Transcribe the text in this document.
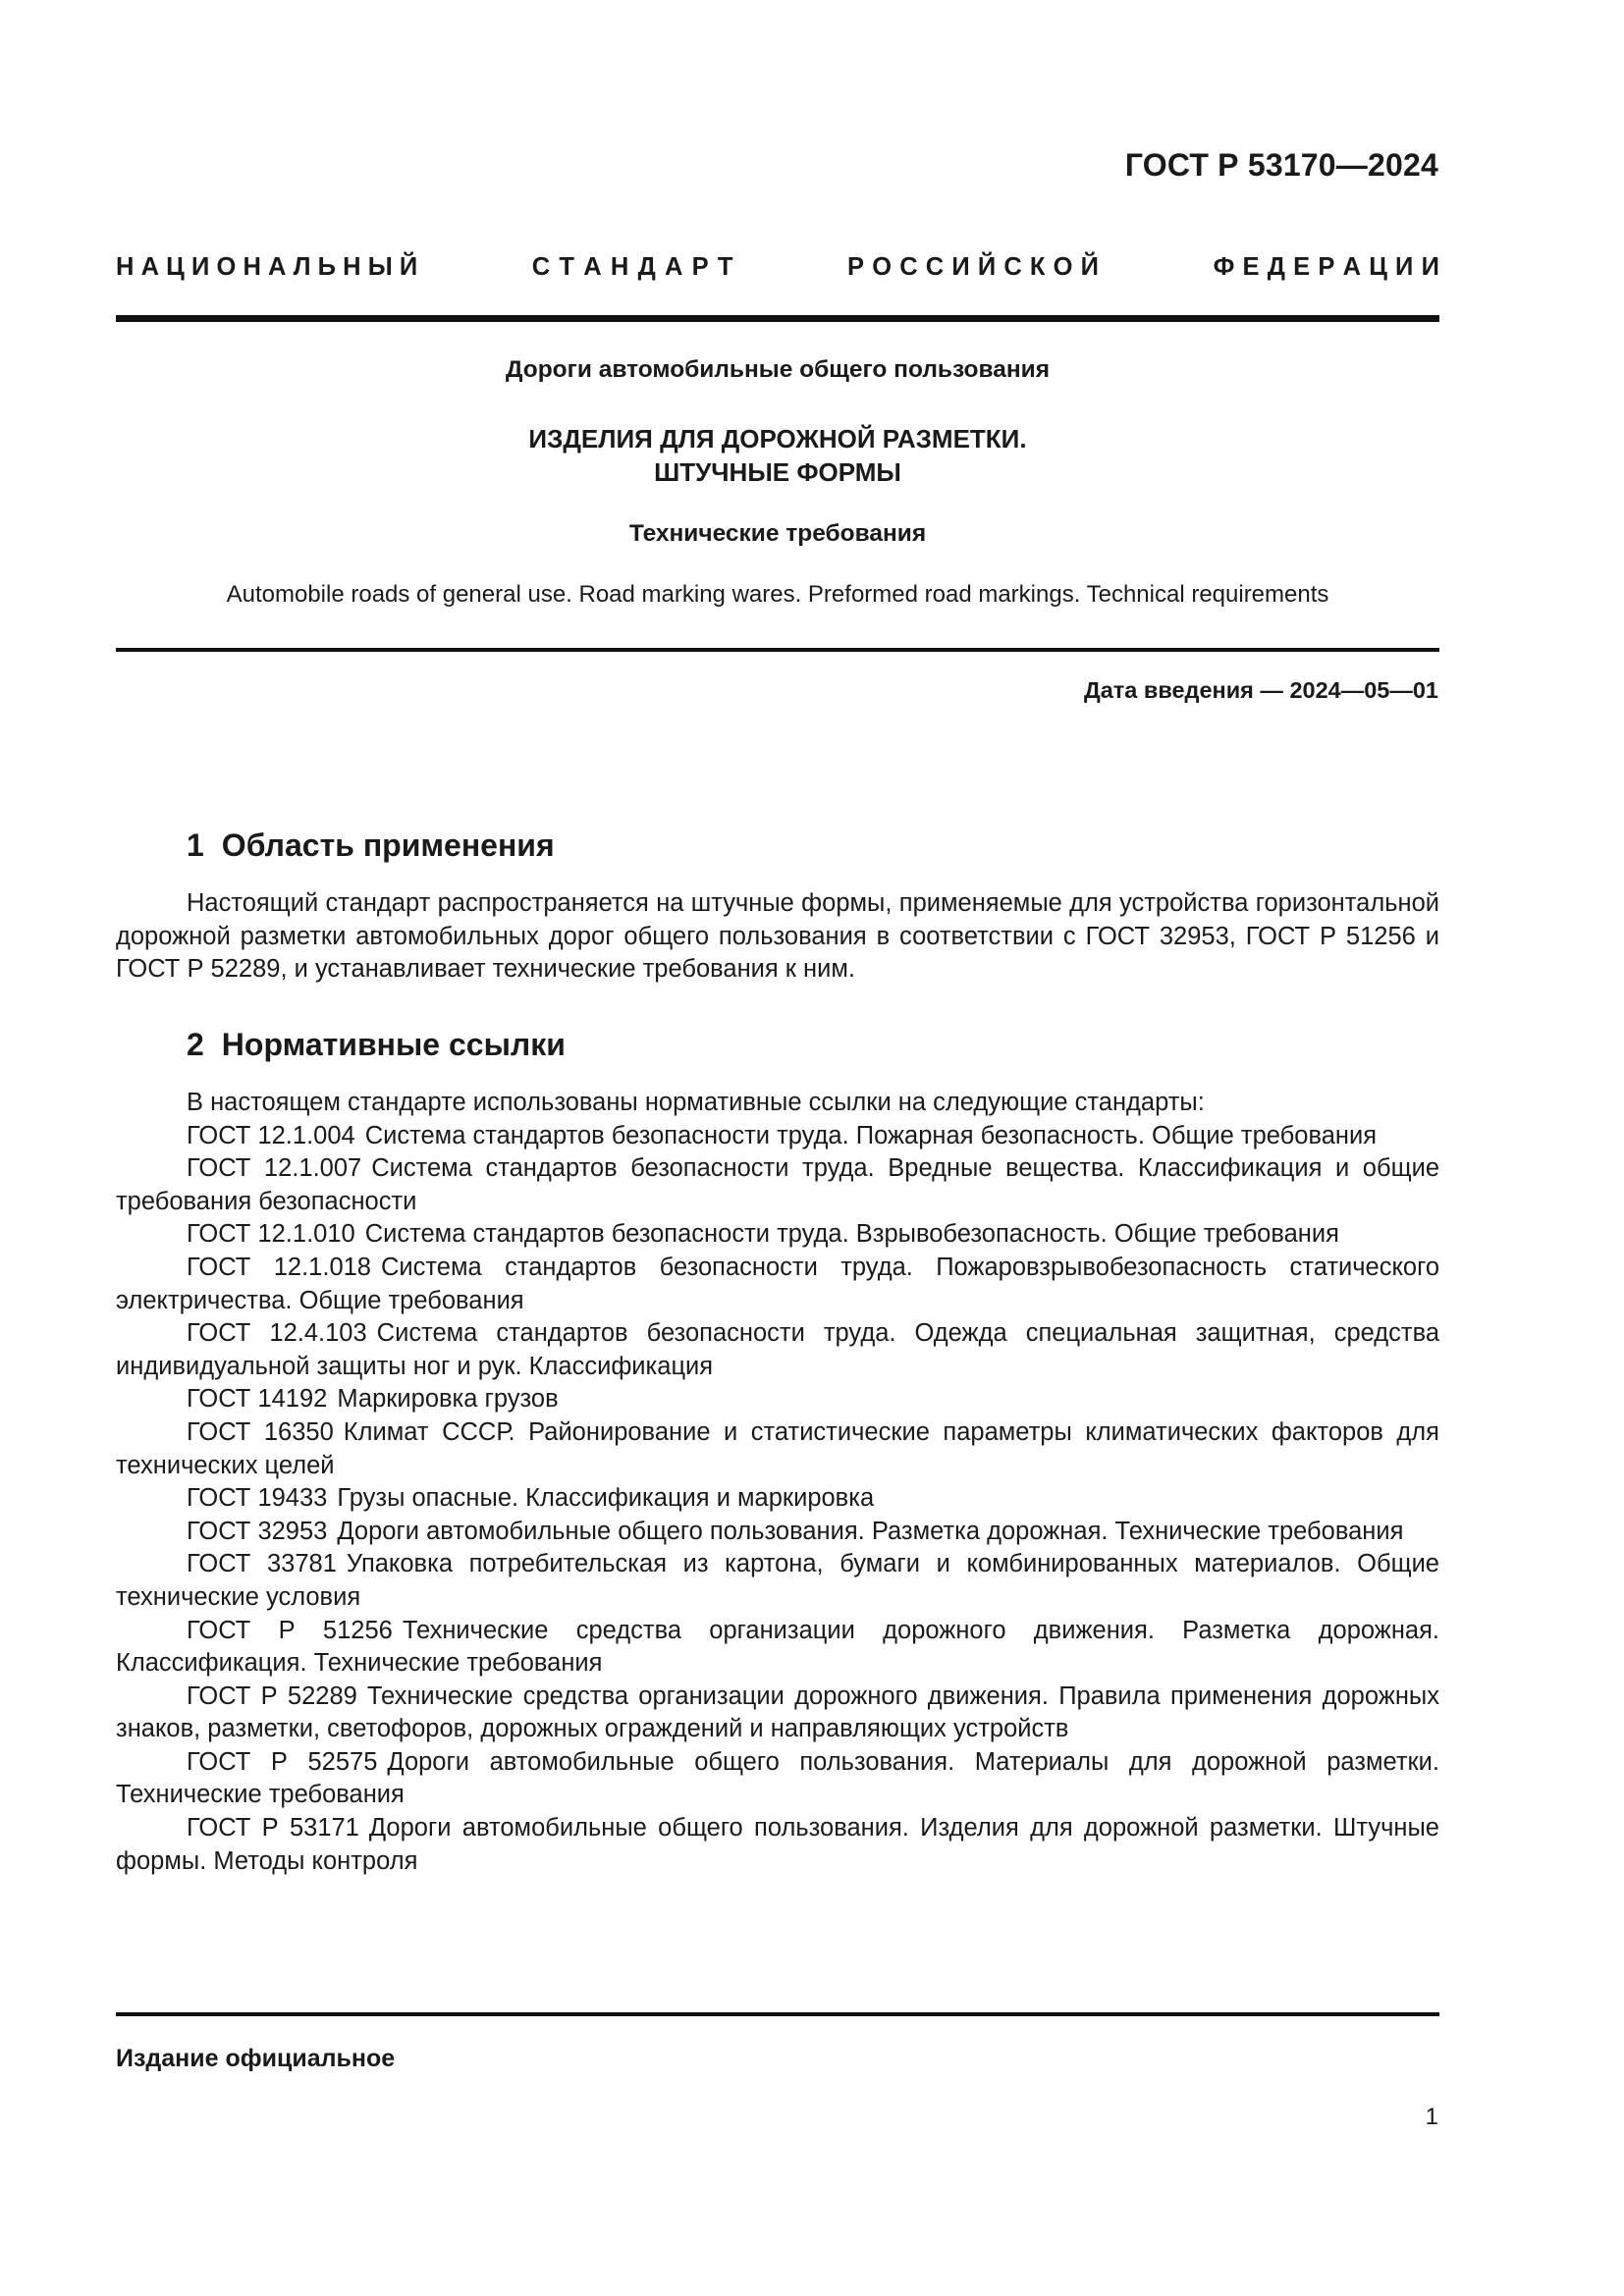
ГОСТ Р 53170—2024
Н А Ц И О Н А Л Ь Н Ы Й	С Т А Н Д А Р Т	Р О С С И Й С К О Й	Ф Е Д Е Р А Ц И И
Дороги автомобильные общего пользования
ИЗДЕЛИЯ ДЛЯ ДОРОЖНОЙ РАЗМЕТКИ.
ШТУЧНЫЕ ФОРМЫ
Технические требования
Automobile roads of general use. Road marking wares. Preformed road markings. Technical requirements
Дата введения — 2024—05—01
1 Область применения

Настоящий стандарт распространяется на штучные формы, применяемые для устройства горизонтальной дорожной разметки автомобильных дорог общего пользования в соответствии с ГОСТ 32953, ГОСТ Р 51256 и ГОСТ Р 52289, и устанавливает технические требования к ним.

2 Нормативные ссылки

В настоящем стандарте использованы нормативные ссылки на следующие стандарты:

ГОСТ 12.1.004 Система стандартов безопасности труда. Пожарная безопасность. Общие требования

ГОСТ 12.1.007 Система стандартов безопасности труда. Вредные вещества. Классификация и общие требования безопасности

ГОСТ 12.1.010 Система стандартов безопасности труда. Взрывобезопасность. Общие требования

ГОСТ 12.1.018 Система стандартов безопасности труда. Пожаровзрывобезопасность статического электричества. Общие требования

ГОСТ 12.4.103 Система стандартов безопасности труда. Одежда специальная защитная, средства индивидуальной защиты ног и рук. Классификация

ГОСТ 14192 Маркировка грузов

ГОСТ 16350 Климат СССР. Районирование и статистические параметры климатических факторов для технических целей

ГОСТ 19433 Грузы опасные. Классификация и маркировка

ГОСТ 32953 Дороги автомобильные общего пользования. Разметка дорожная. Технические требования

ГОСТ 33781 Упаковка потребительская из картона, бумаги и комбинированных материалов. Общие технические условия

ГОСТ Р 51256 Технические средства организации дорожного движения. Разметка дорожная. Классификация. Технические требования

ГОСТ Р 52289 Технические средства организации дорожного движения. Правила применения дорожных знаков, разметки, светофоров, дорожных ограждений и направляющих устройств

ГОСТ Р 52575 Дороги автомобильные общего пользования. Материалы для дорожной разметки. Технические требования

ГОСТ Р 53171 Дороги автомобильные общего пользования. Изделия для дорожной разметки. Штучные формы. Методы контроля

Издание официальное
1
